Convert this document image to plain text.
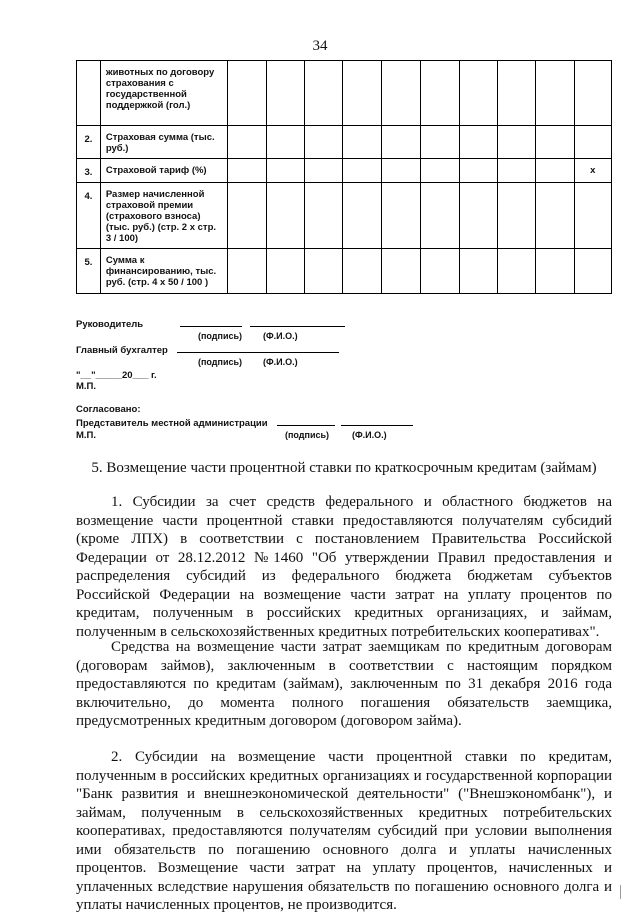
34
	животных по договору страхования с государственной поддержкой (гол.)										
2.	Страховая сумма (тыс. руб.)										
3.	Страховой тариф (%)										x
4.	Размер начисленной страховой премии (страхового взноса) (тыс. руб.) (стр. 2 х стр. 3 / 100)										
5.	Сумма к финансированию, тыс. руб. (стр. 4 х 50 / 100 )										
Руководитель
(подпись) (Ф.И.О.)
Главный бухгалтер
(подпись) (Ф.И.О.)
"__"_____20___ г.
М.П.
Согласовано:
Представитель местной администрации
М.П.	(подпись)	(Ф.И.О.)
5. Возмещение части процентной ставки по краткосрочным кредитам (займам)

1. Субсидии за счет средств федерального и областного бюджетов на возмещение части процентной ставки предоставляются получателям субсидий (кроме ЛПХ) в соответствии с постановлением Правительства Российской Федерации от 28.12.2012 №1460 "Об утверждении Правил предоставления и распределения субсидий из федерального бюджета бюджетам субъектов Российской Федерации на возмещение части затрат на уплату процентов по кредитам, полученным в российских кредитных организациях, и займам, полученным в сельскохозяйственных кредитных потребительских кооперативах".

Средства на возмещение части затрат заемщикам по кредитным договорам (договорам займов), заключенным в соответствии с настоящим порядком предоставляются по кредитам (займам), заключенным по 31 декабря 2016 года включительно, до момента полного погашения обязательств заемщика, предусмотренных кредитным договором (договором займа).

2. Субсидии на возмещение части процентной ставки по кредитам, полученным в российских кредитных организациях и государственной корпорации "Банк развития и внешнеэкономической деятельности" ("Внешэкономбанк"), и займам, полученным в сельскохозяйственных кредитных потребительских кооперативах, предоставляются получателям субсидий при условии выполнения ими обязательств по погашению основного долга и уплаты начисленных процентов. Возмещение части затрат на уплату процентов, начисленных и уплаченных вследствие нарушения обязательств по погашению основного долга и уплаты начисленных процентов, не производится.
